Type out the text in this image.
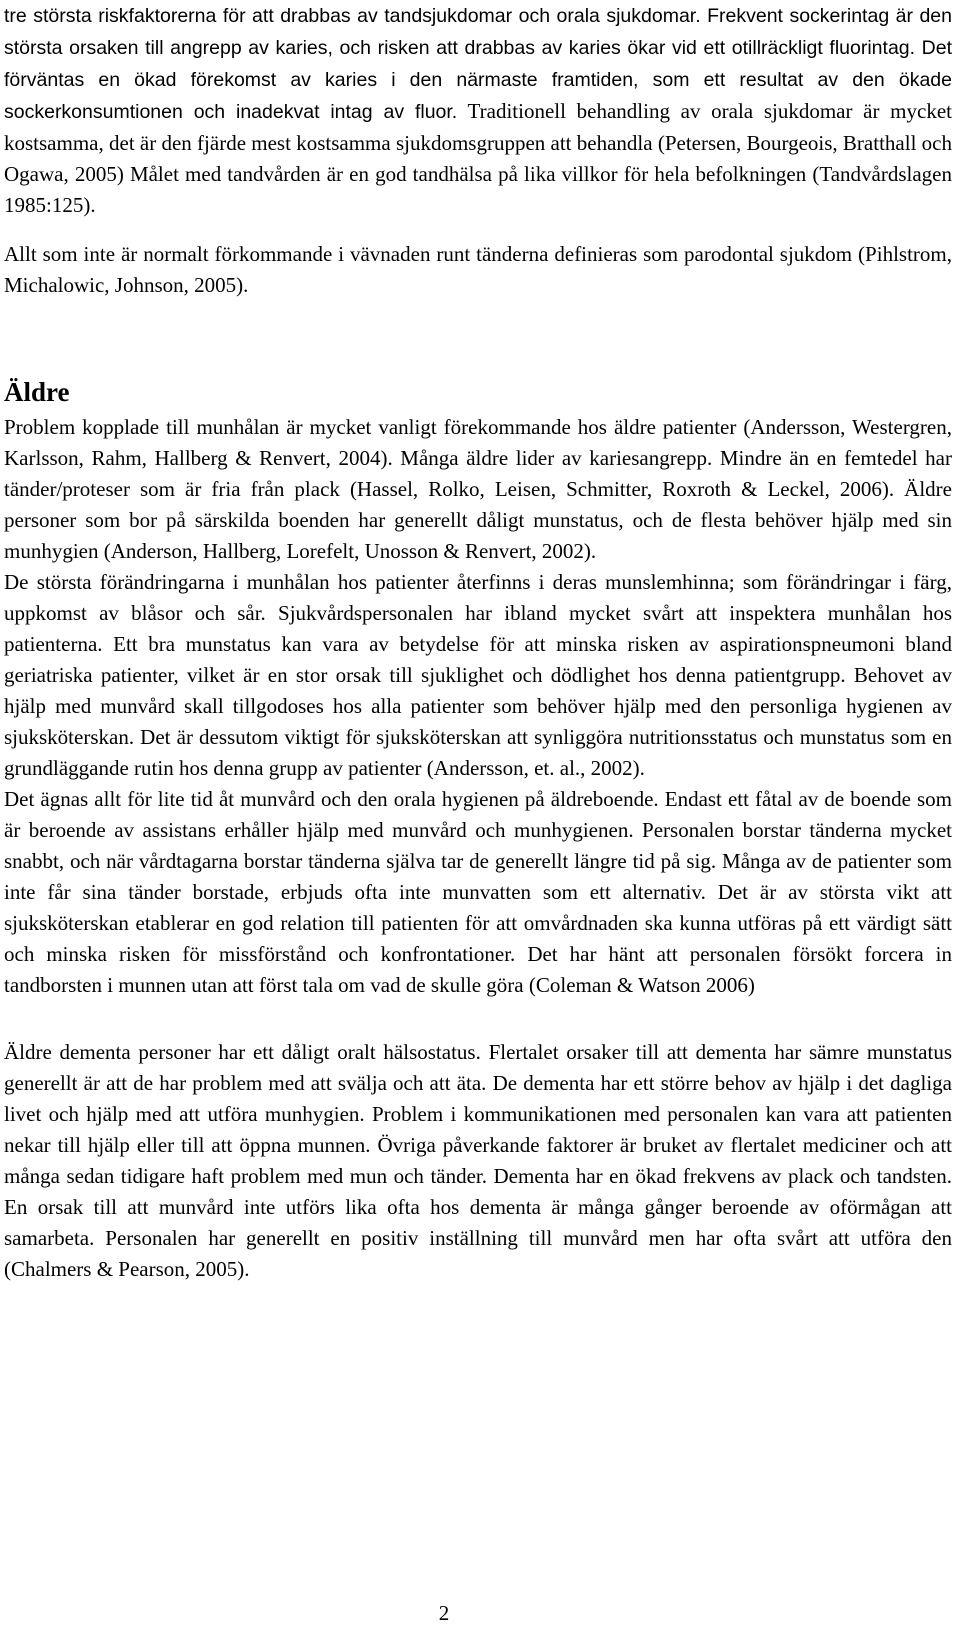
tre största riskfaktorerna för att drabbas av tandsjukdomar och orala sjukdomar. Frekvent sockerintag är den största orsaken till angrepp av karies, och risken att drabbas av karies ökar vid ett otillräckligt fluorintag. Det förväntas en ökad förekomst av karies i den närmaste framtiden, som ett resultat av den ökade sockerkonsumtionen och inadekvat intag av fluor. Traditionell behandling av orala sjukdomar är mycket kostsamma, det är den fjärde mest kostsamma sjukdomsgruppen att behandla (Petersen, Bourgeois, Bratthall och Ogawa, 2005) Målet med tandvården är en god tandhälsa på lika villkor för hela befolkningen (Tandvårdslagen 1985:125).

Allt som inte är normalt förkommande i vävnaden runt tänderna definieras som parodontal sjukdom (Pihlstrom, Michalowic, Johnson, 2005).

Äldre

Problem kopplade till munhålan är mycket vanligt förekommande hos äldre patienter (Andersson, Westergren, Karlsson, Rahm, Hallberg & Renvert, 2004). Många äldre lider av kariesangrepp. Mindre än en femtedel har tänder/proteser som är fria från plack (Hassel, Rolko, Leisen, Schmitter, Roxroth & Leckel, 2006). Äldre personer som bor på särskilda boenden har generellt dåligt munstatus, och de flesta behöver hjälp med sin munhygien (Anderson, Hallberg, Lorefelt, Unosson & Renvert, 2002).

De största förändringarna i munhålan hos patienter återfinns i deras munslemhinna; som förändringar i färg, uppkomst av blåsor och sår. Sjukvårdspersonalen har ibland mycket svårt att inspektera munhålan hos patienterna. Ett bra munstatus kan vara av betydelse för att minska risken av aspirationspneumoni bland geriatriska patienter, vilket är en stor orsak till sjuklighet och dödlighet hos denna patientgrupp. Behovet av hjälp med munvård skall tillgodoses hos alla patienter som behöver hjälp med den personliga hygienen av sjuksköterskan. Det är dessutom viktigt för sjuksköterskan att synliggöra nutritionsstatus och munstatus som en grundläggande rutin hos denna grupp av patienter (Andersson, et. al., 2002).

Det ägnas allt för lite tid åt munvård och den orala hygienen på äldreboende. Endast ett fåtal av de boende som är beroende av assistans erhåller hjälp med munvård och munhygienen. Personalen borstar tänderna mycket snabbt, och när vårdtagarna borstar tänderna själva tar de generellt längre tid på sig. Många av de patienter som inte får sina tänder borstade, erbjuds ofta inte munvatten som ett alternativ. Det är av största vikt att sjuksköterskan etablerar en god relation till patienten för att omvårdnaden ska kunna utföras på ett värdigt sätt och minska risken för missförstånd och konfrontationer. Det har hänt att personalen försökt forcera in tandborsten i munnen utan att först tala om vad de skulle göra (Coleman & Watson 2006)

Äldre dementa personer har ett dåligt oralt hälsostatus. Flertalet orsaker till att dementa har sämre munstatus generellt är att de har problem med att svälja och att äta. De dementa har ett större behov av hjälp i det dagliga livet och hjälp med att utföra munhygien. Problem i kommunikationen med personalen kan vara att patienten nekar till hjälp eller till att öppna munnen. Övriga påverkande faktorer är bruket av flertalet mediciner och att många sedan tidigare haft problem med mun och tänder. Dementa har en ökad frekvens av plack och tandsten. En orsak till att munvård inte utförs lika ofta hos dementa är många gånger beroende av oförmågan att samarbeta. Personalen har generellt en positiv inställning till munvård men har ofta svårt att utföra den (Chalmers & Pearson, 2005).

2
